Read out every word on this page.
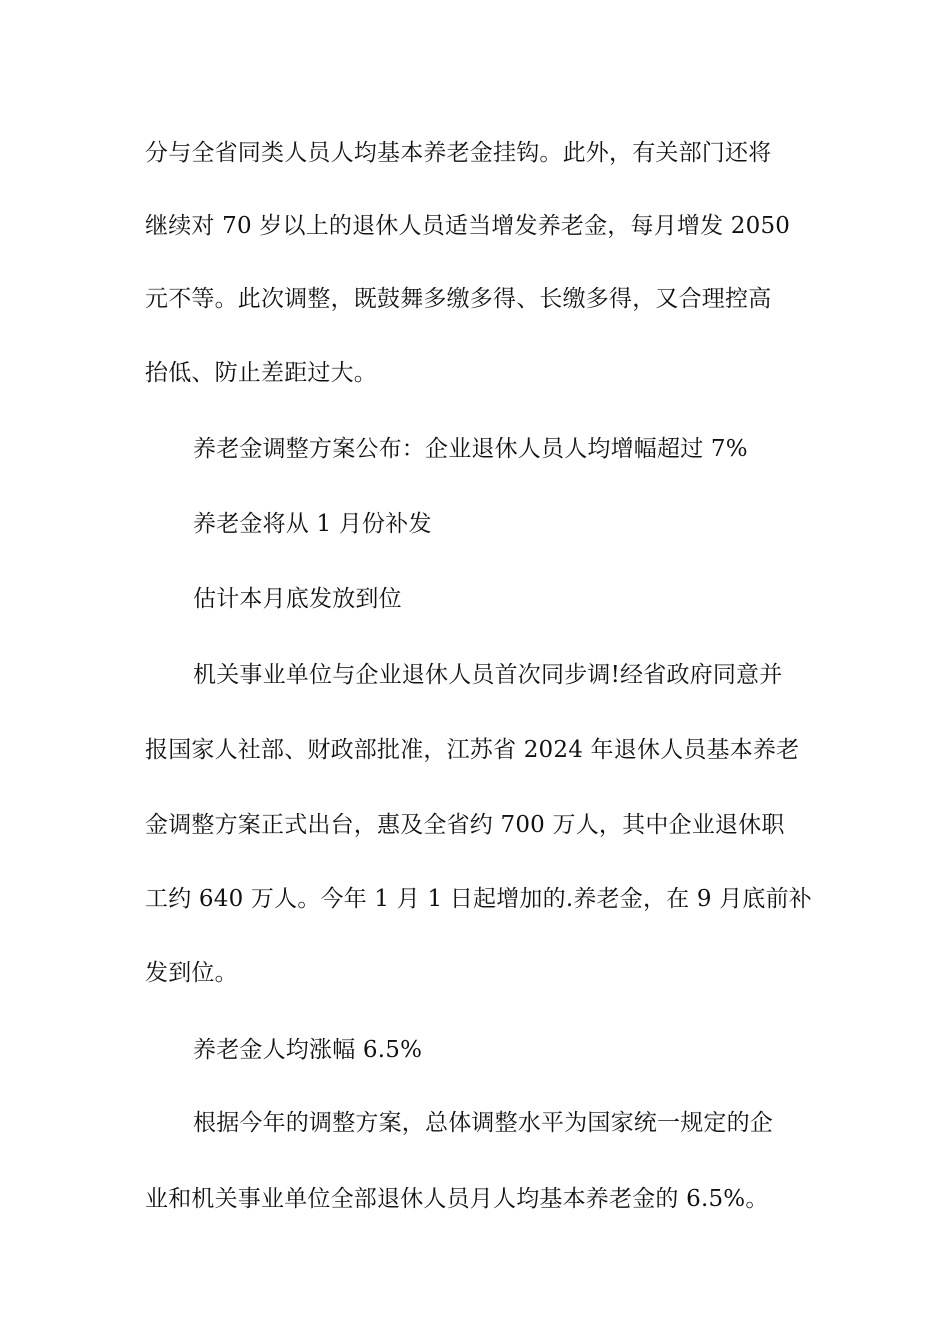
分与全省同类人员人均基本养老金挂钩。此外，有关部门还将
继续对 70 岁以上的退休人员适当增发养老金，每月增发 2050
元不等。此次调整，既鼓舞多缴多得、长缴多得，又合理控高
抬低、防止差距过大。
养老金调整方案公布：企业退休人员人均增幅超过 7%
养老金将从 1 月份补发
估计本月底发放到位
机关事业单位与企业退休人员首次同步调!经省政府同意并
报国家人社部、财政部批准，江苏省 2024 年退休人员基本养老
金调整方案正式出台，惠及全省约 700 万人，其中企业退休职
工约 640 万人。今年 1 月 1 日起增加的.养老金，在 9 月底前补
发到位。
养老金人均涨幅 6.5%
根据今年的调整方案，总体调整水平为国家统一规定的企
业和机关事业单位全部退休人员月人均基本养老金的 6.5%。
